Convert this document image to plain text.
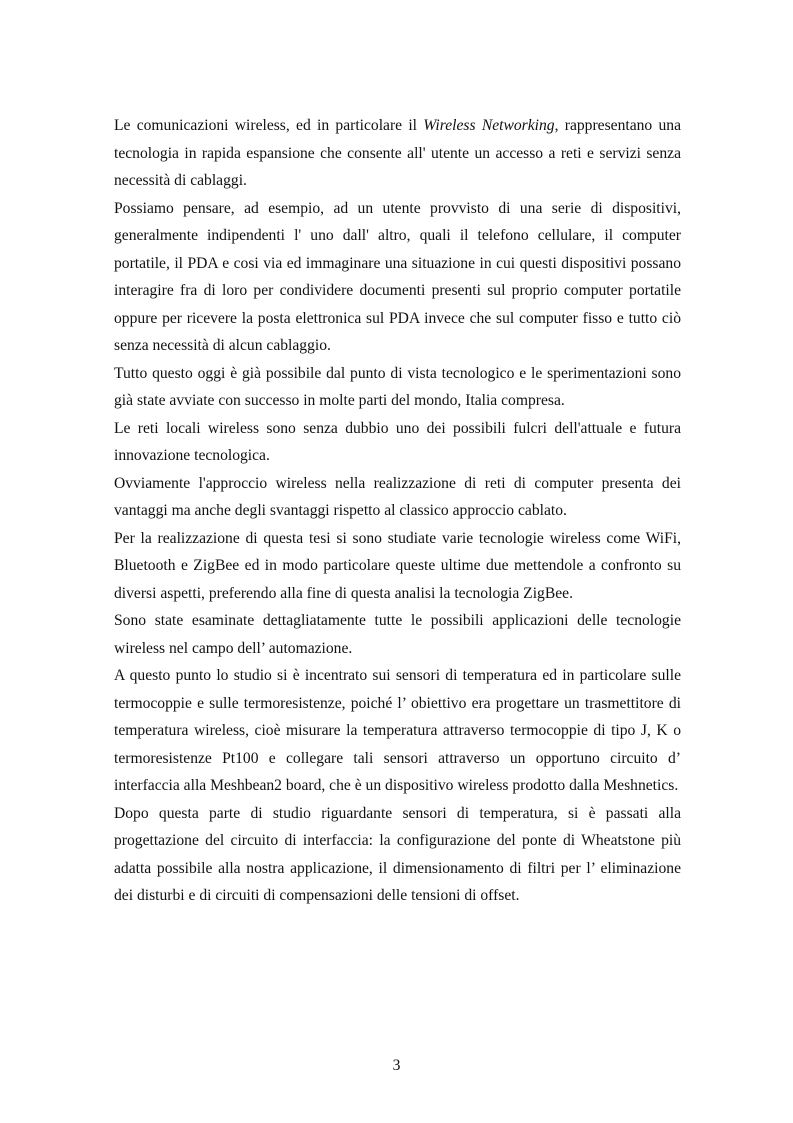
Le comunicazioni wireless, ed in particolare il Wireless Networking, rappresentano una tecnologia in rapida espansione che consente all' utente un accesso a reti e servizi senza necessità di cablaggi.

Possiamo pensare, ad esempio, ad un utente provvisto di una serie di dispositivi, generalmente indipendenti l' uno dall' altro, quali il telefono cellulare, il computer portatile, il PDA e cosi via ed immaginare una situazione in cui questi dispositivi possano interagire fra di loro per condividere documenti presenti sul proprio computer portatile oppure per ricevere la posta elettronica sul PDA invece che sul computer fisso e tutto ciò senza necessità di alcun cablaggio.

Tutto questo oggi è già possibile dal punto di vista tecnologico e le sperimentazioni sono già state avviate con successo in molte parti del mondo, Italia compresa.

Le reti locali wireless sono senza dubbio uno dei possibili fulcri dell'attuale e futura innovazione tecnologica.

Ovviamente l'approccio wireless nella realizzazione di reti di computer presenta dei vantaggi ma anche degli svantaggi rispetto al classico approccio cablato.

Per la realizzazione di questa tesi si sono studiate varie tecnologie wireless come WiFi, Bluetooth e ZigBee ed in modo particolare queste ultime due mettendole a confronto su diversi aspetti, preferendo alla fine di questa analisi la tecnologia ZigBee.

Sono state esaminate dettagliatamente tutte le possibili applicazioni delle tecnologie wireless nel campo dell’ automazione.

A questo punto lo studio si è incentrato sui sensori di temperatura ed in particolare sulle termocoppie e sulle termoresistenze, poiché l’ obiettivo era progettare un trasmettitore di temperatura wireless, cioè misurare la temperatura attraverso termocoppie di tipo J, K o termoresistenze Pt100 e collegare tali sensori attraverso un opportuno circuito d’ interfaccia alla Meshbean2 board, che è un dispositivo wireless prodotto dalla Meshnetics.

Dopo questa parte di studio riguardante sensori di temperatura, si è passati alla progettazione del circuito di interfaccia: la configurazione del ponte di Wheatstone più adatta possibile alla nostra applicazione, il dimensionamento di filtri per l’ eliminazione dei disturbi e di circuiti di compensazioni delle tensioni di offset.

3
